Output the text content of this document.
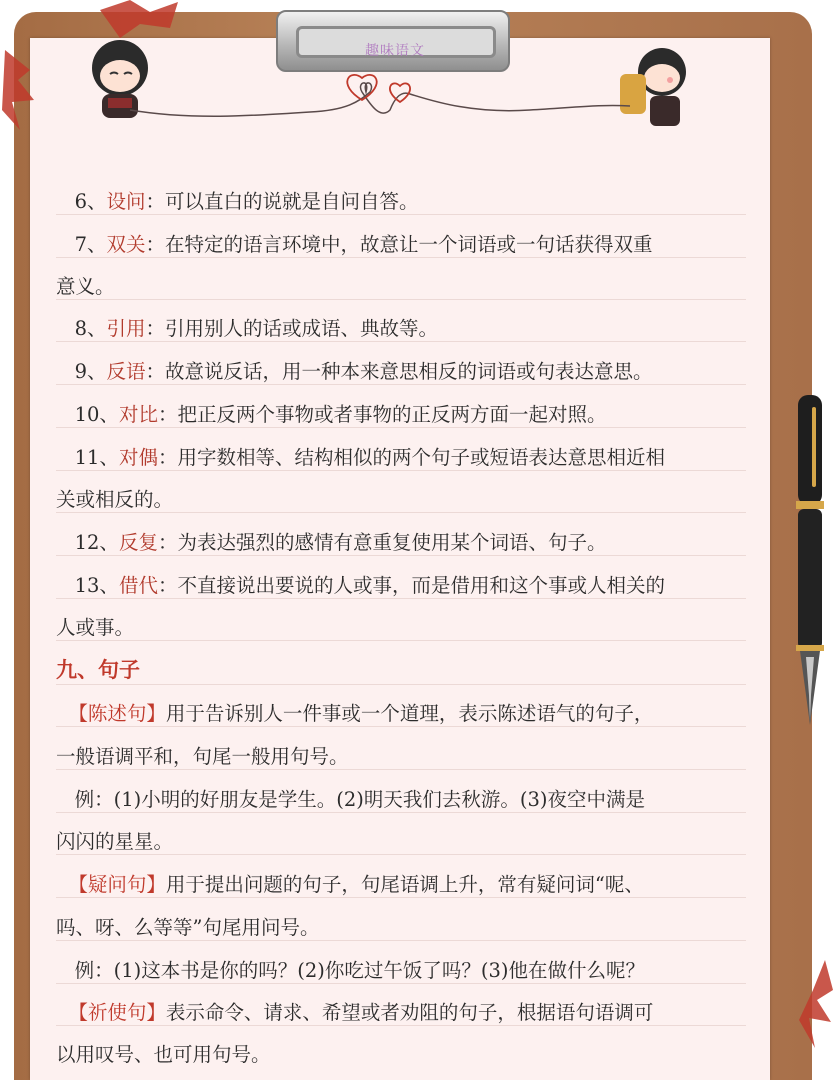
趣味语文
6、设问：可以直白的说就是自问自答。
7、双关：在特定的语言环境中，故意让一个词语或一句话获得双重
意义。
8、引用：引用别人的话或成语、典故等。
9、反语：故意说反话，用一种本来意思相反的词语或句表达意思。
10、对比：把正反两个事物或者事物的正反两方面一起对照。
11、对偶：用字数相等、结构相似的两个句子或短语表达意思相近相
关或相反的。
12、反复：为表达强烈的感情有意重复使用某个词语、句子。
13、借代：不直接说出要说的人或事，而是借用和这个事或人相关的
人或事。
九、句子
【陈述句】用于告诉别人一件事或一个道理，表示陈述语气的句子，
一般语调平和，句尾一般用句号。
例：(1)小明的好朋友是学生。(2)明天我们去秋游。(3)夜空中满是
闪闪的星星。
【疑问句】用于提出问题的句子，句尾语调上升，常有疑问词“呢、
吗、呀、么等等”句尾用问号。
例：(1)这本书是你的吗？(2)你吃过午饭了吗？(3)他在做什么呢？
【祈使句】表示命令、请求、希望或者劝阻的句子，根据语句语调可
以用叹号、也可用句号。
